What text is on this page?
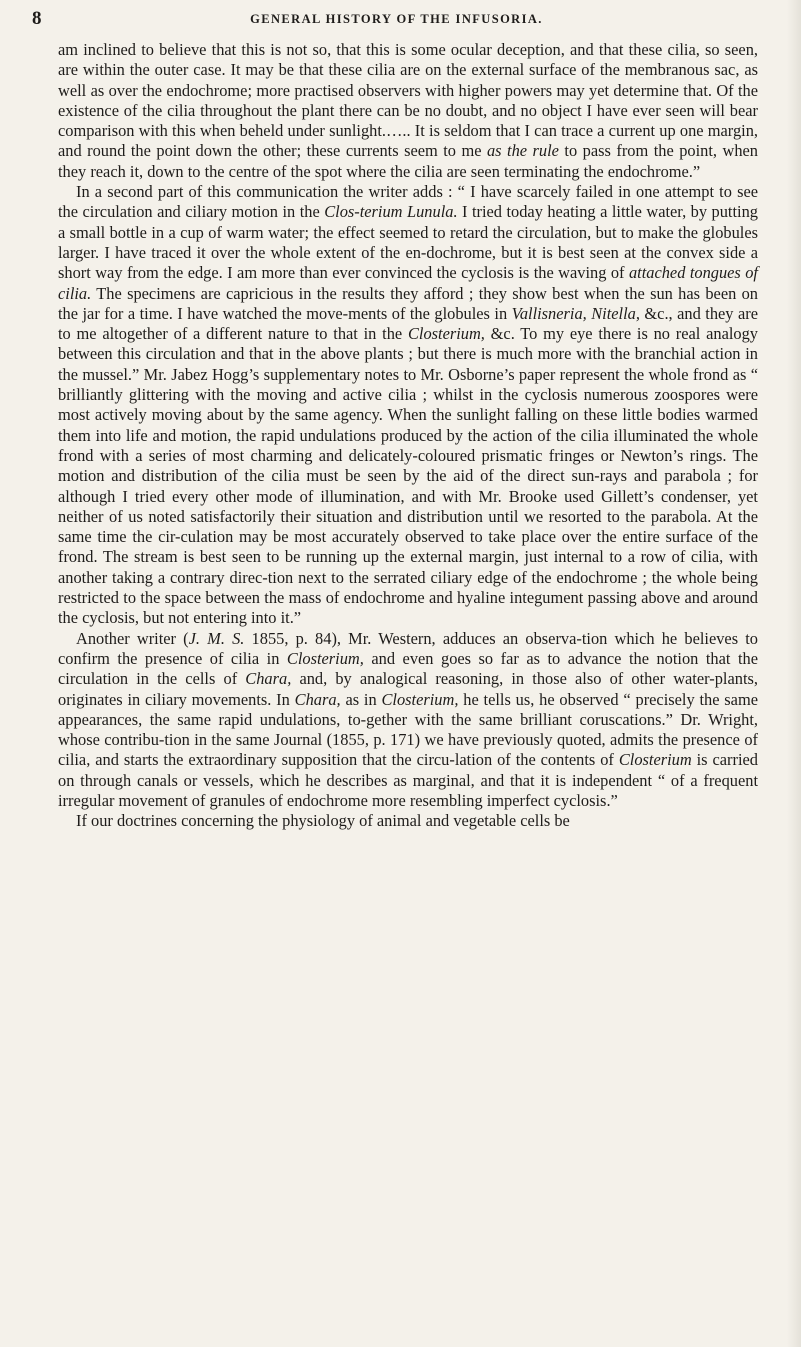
8	GENERAL HISTORY OF THE INFUSORIA.

am inclined to believe that this is not so, that this is some ocular deception, and that these cilia, so seen, are within the outer case. It may be that these cilia are on the external surface of the membranous sac, as well as over the endochrome; more practised observers with higher powers may yet determine that. Of the existence of the cilia throughout the plant there can be no doubt, and no object I have ever seen will bear comparison with this when beheld under sunlight.….. It is seldom that I can trace a current up one margin, and round the point down the other; these currents seem to me as the rule to pass from the point, when they reach it, down to the centre of the spot where the cilia are seen terminating the endochrome.”

In a second part of this communication the writer adds : “ I have scarcely failed in one attempt to see the circulation and ciliary motion in the Clos-terium Lunula. I tried today heating a little water, by putting a small bottle in a cup of warm water; the effect seemed to retard the circulation, but to make the globules larger. I have traced it over the whole extent of the en-dochrome, but it is best seen at the convex side a short way from the edge. I am more than ever convinced the cyclosis is the waving of attached tongues of cilia. The specimens are capricious in the results they afford ; they show best when the sun has been on the jar for a time. I have watched the move-ments of the globules in Vallisneria, Nitella, &c., and they are to me altogether of a different nature to that in the Closterium, &c. To my eye there is no real analogy between this circulation and that in the above plants ; but there is much more with the branchial action in the mussel.” Mr. Jabez Hogg’s supplementary notes to Mr. Osborne’s paper represent the whole frond as “ brilliantly glittering with the moving and active cilia ; whilst in the cyclosis numerous zoospores were most actively moving about by the same agency. When the sunlight falling on these little bodies warmed them into life and motion, the rapid undulations produced by the action of the cilia illuminated the whole frond with a series of most charming and delicately-coloured prismatic fringes or Newton’s rings. The motion and distribution of the cilia must be seen by the aid of the direct sun-rays and parabola ; for although I tried every other mode of illumination, and with Mr. Brooke used Gillett’s condenser, yet neither of us noted satisfactorily their situation and distribution until we resorted to the parabola. At the same time the cir-culation may be most accurately observed to take place over the entire surface of the frond. The stream is best seen to be running up the external margin, just internal to a row of cilia, with another taking a contrary direc-tion next to the serrated ciliary edge of the endochrome ; the whole being restricted to the space between the mass of endochrome and hyaline integument passing above and around the cyclosis, but not entering into it.”

Another writer (J. M. S. 1855, p. 84), Mr. Western, adduces an observa-tion which he believes to confirm the presence of cilia in Closterium, and even goes so far as to advance the notion that the circulation in the cells of Chara, and, by analogical reasoning, in those also of other water-plants, originates in ciliary movements. In Chara, as in Closterium, he tells us, he observed “ precisely the same appearances, the same rapid undulations, to-gether with the same brilliant coruscations.” Dr. Wright, whose contribu-tion in the same Journal (1855, p. 171) we have previously quoted, admits the presence of cilia, and starts the extraordinary supposition that the circu-lation of the contents of Closterium is carried on through canals or vessels, which he describes as marginal, and that it is independent “ of a frequent irregular movement of granules of endochrome more resembling imperfect cyclosis.”

If our doctrines concerning the physiology of animal and vegetable cells be
